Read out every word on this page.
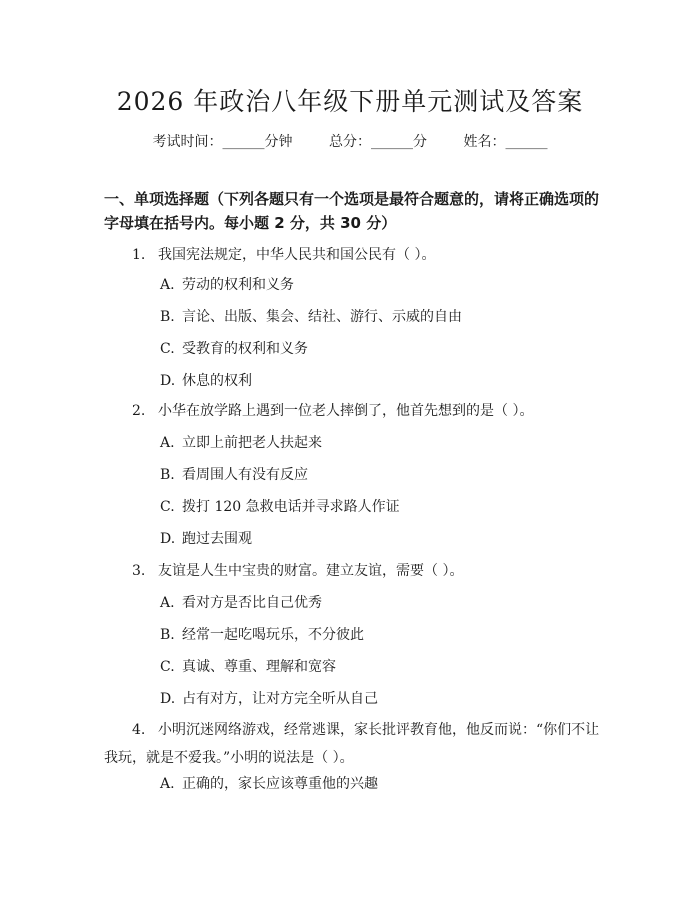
2026 年政治八年级下册单元测试及答案
考试时间：______分钟	总分：______分	姓名：______
一、单项选择题（下列各题只有一个选项是最符合题意的，请将正确选项的字母填在括号内。每小题 2 分，共 30 分）
1. 我国宪法规定，中华人民共和国公民有（ ）。
A. 劳动的权利和义务
B. 言论、出版、集会、结社、游行、示威的自由
C. 受教育的权利和义务
D. 休息的权利
2. 小华在放学路上遇到一位老人摔倒了，他首先想到的是（ ）。
A. 立即上前把老人扶起来
B. 看周围人有没有反应
C. 拨打 120 急救电话并寻求路人作证
D. 跑过去围观
3. 友谊是人生中宝贵的财富。建立友谊，需要（ ）。
A. 看对方是否比自己优秀
B. 经常一起吃喝玩乐，不分彼此
C. 真诚、尊重、理解和宽容
D. 占有对方，让对方完全听从自己
4. 小明沉迷网络游戏，经常逃课，家长批评教育他，他反而说：“你们不让我玩，就是不爱我。”小明的说法是（ ）。
A. 正确的，家长应该尊重他的兴趣
